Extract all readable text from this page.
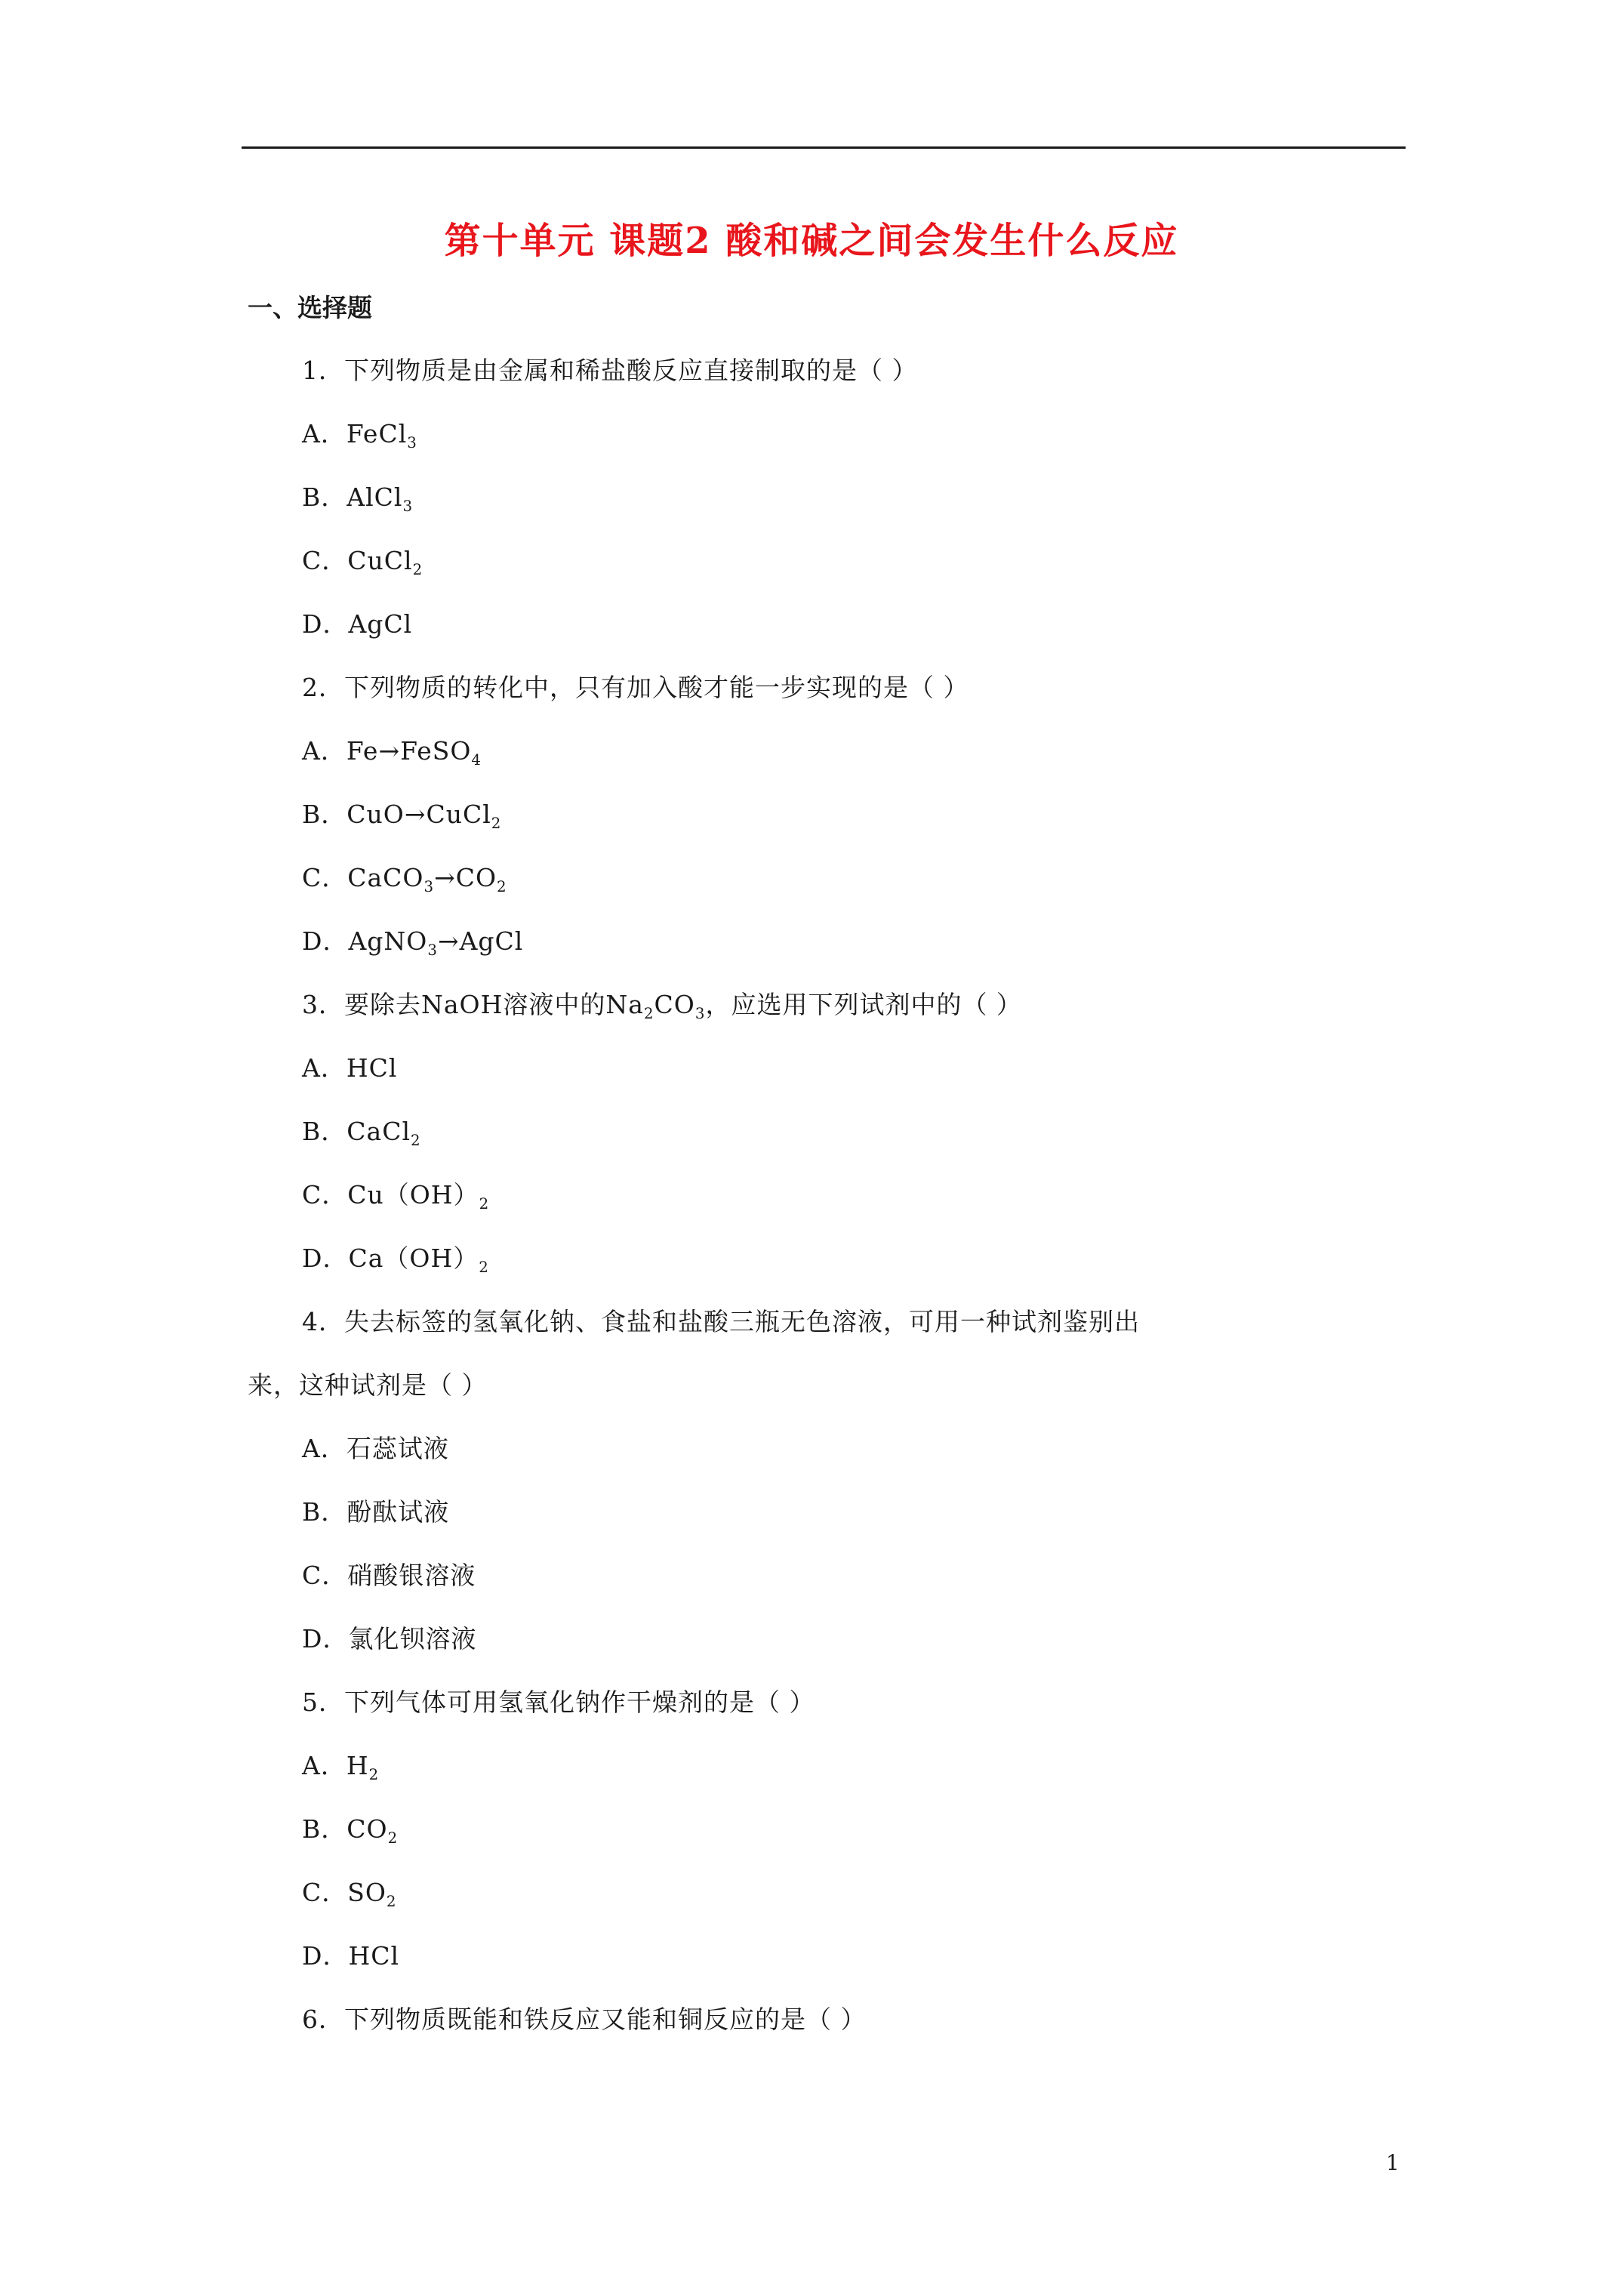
第十单元 课题2 酸和碱之间会发生什么反应
一、选择题
1．下列物质是由金属和稀盐酸反应直接制取的是（ ）
A．FeCl$_3$
B．AlCl$_3$
C．CuCl$_2$
D．AgCl
2．下列物质的转化中，只有加入酸才能一步实现的是（ ）
A．Fe→FeSO$_4$
B．CuO→CuCl$_2$
C．$CaCO_3\to CO_2$
D．AgNO$_3$→AgCl
3．要除去NaOH溶液中的$Na_2CO_3$，应选用下列试剂中的（ ）
A．HCl
B．CaCl$_2$
C．$Cu(OH)_2$
D．$Ca(OH)_2$
4．失去标签的氢氧化钠、食盐和盐酸三瓶无色溶液，可用一种试剂鉴别出
来，这种试剂是（ ）
A．石蕊试液
B．酚酞试液
C．硝酸银溶液
D．氯化钡溶液
5．下列气体可用氢氧化钠作干燥剂的是（ ）
A．$H_2$
B．$CO_2$
C．$SO_2$
D．HCl
6．下列物质既能和铁反应又能和铜反应的是（ ）
1
